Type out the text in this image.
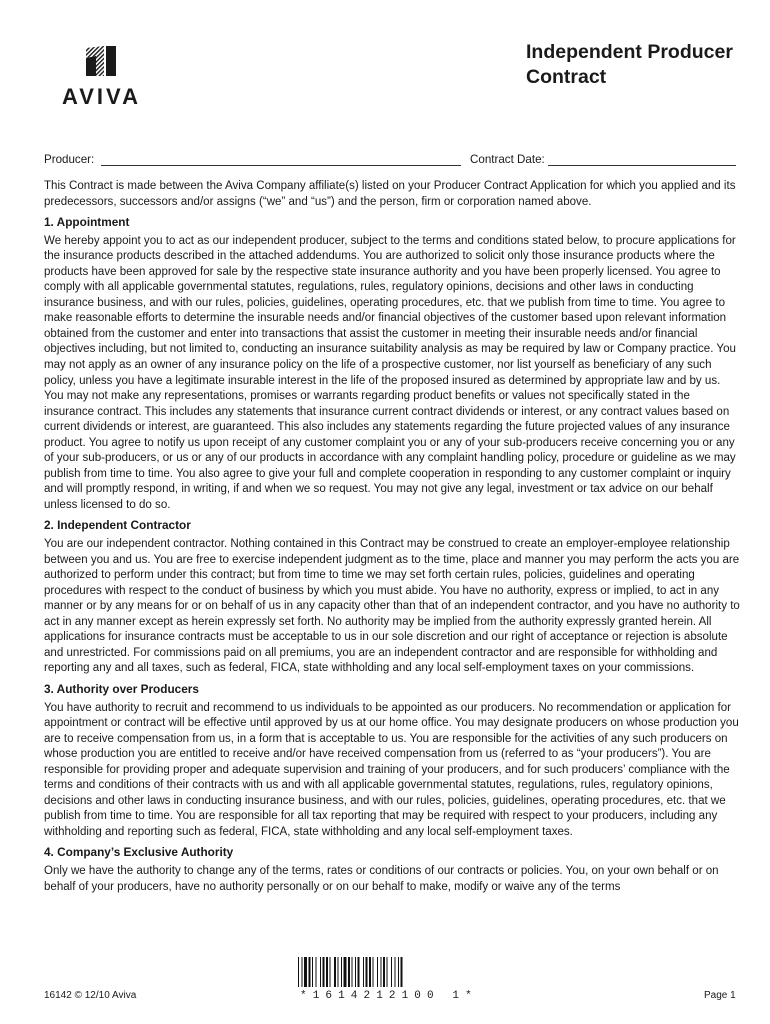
AVIVA
Independent Producer
Contract
Producer:	Contract Date:

This Contract is made between the Aviva Company affiliate(s) listed on your Producer Contract Application for which you applied and its predecessors, successors and/or assigns (“we” and “us”) and the person, firm or corporation named above.

1. Appointment

We hereby appoint you to act as our independent producer, subject to the terms and conditions stated below, to procure applications for the insurance products described in the attached addendums. You are authorized to solicit only those insurance products where the products have been approved for sale by the respective state insurance authority and you have been properly licensed. You agree to comply with all applicable governmental statutes, regulations, rules, regulatory opinions, decisions and other laws in conducting insurance business, and with our rules, policies, guidelines, operating procedures, etc. that we publish from time to time. You agree to make reasonable efforts to determine the insurable needs and/or financial objectives of the customer based upon relevant information obtained from the customer and enter into transactions that assist the customer in meeting their insurable needs and/or financial objectives including, but not limited to, conducting an insurance suitability analysis as may be required by law or Company practice. You may not apply as an owner of any insurance policy on the life of a prospective customer, nor list yourself as beneficiary of any such policy, unless you have a legitimate insurable interest in the life of the proposed insured as determined by appropriate law and by us. You may not make any representations, promises or warrants regarding product benefits or values not specifically stated in the insurance contract. This includes any statements that insurance current contract dividends or interest, or any contract values based on current dividends or interest, are guaranteed. This also includes any statements regarding the future projected values of any insurance product. You agree to notify us upon receipt of any customer complaint you or any of your sub-producers receive concerning you or any of your sub-producers, or us or any of our products in accordance with any complaint handling policy, procedure or guideline as we may publish from time to time. You also agree to give your full and complete cooperation in responding to any customer complaint or inquiry and will promptly respond, in writing, if and when we so request. You may not give any legal, investment or tax advice on our behalf unless licensed to do so.

2. Independent Contractor

You are our independent contractor. Nothing contained in this Contract may be construed to create an employer-employee relationship between you and us. You are free to exercise independent judgment as to the time, place and manner you may perform the acts you are authorized to perform under this contract; but from time to time we may set forth certain rules, policies, guidelines and operating procedures with respect to the conduct of business by which you must abide. You have no authority, express or implied, to act in any manner or by any means for or on behalf of us in any capacity other than that of an independent contractor, and you have no authority to act in any manner except as herein expressly set forth. No authority may be implied from the authority expressly granted herein. All applications for insurance contracts must be acceptable to us in our sole discretion and our right of acceptance or rejection is absolute and unrestricted. For commissions paid on all premiums, you are an independent contractor and are responsible for withholding and reporting any and all taxes, such as federal, FICA, state withholding and any local self-employment taxes on your commissions.

3. Authority over Producers

You have authority to recruit and recommend to us individuals to be appointed as our producers. No recommendation or application for appointment or contract will be effective until approved by us at our home office. You may designate producers on whose production you are to receive compensation from us, in a form that is acceptable to us. You are responsible for the activities of any such producers on whose production you are entitled to receive and/or have received compensation from us (referred to as “your producers”). You are responsible for providing proper and adequate supervision and training of your producers, and for such producers’ compliance with the terms and conditions of their contracts with us and with all applicable governmental statutes, regulations, rules, regulatory opinions, decisions and other laws in conducting insurance business, and with our rules, policies, guidelines, operating procedures, etc. that we publish from time to time. You are responsible for all tax reporting that may be required with respect to your producers, including any withholding and reporting such as federal, FICA, state withholding and any local self-employment taxes.

4. Company’s Exclusive Authority

Only we have the authority to change any of the terms, rates or conditions of our contracts or policies. You, on your own behalf or on behalf of your producers, have no authority personally or on our behalf to make, modify or waive any of the terms

*1614212100 1*
16142 © 12/10 Aviva	Page 1
